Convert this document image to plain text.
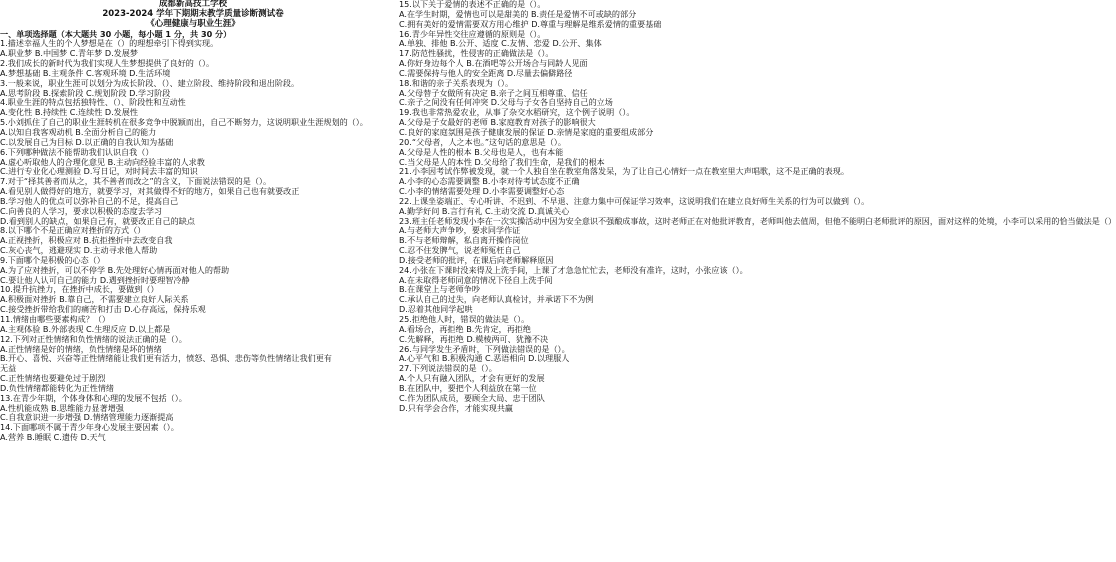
成都新高技工学校
2023-2024 学年下期期末教学质量诊断测试卷
《心理健康与职业生涯》
一、单项选择题（本大题共 30 小题，每小题 1 分，共 30 分）
1.描述幸福人生的个人梦想是在（）的理想牵引下得到实现。
A.职业梦 B.中国梦 C.青年梦 D.发展梦
2.我们成长的新时代为我们实现人生梦想提供了良好的（）。
A.梦想基础 B.主观条件 C.客观环境 D.生活环境
3.一般来说，职业生涯可以划分为成长阶段、（）、建立阶段、维持阶段和退出阶段。
A.思考阶段 B.探索阶段 C.规划阶段 D.学习阶段
4.职业生涯的特点包括独特性、（）、阶段性和互动性
A.变化性 B.持续性 C.连续性 D.发展性
5.小刘抓住了自己的职业生涯转机在很多竞争中脱颖而出，自己不断努力，这说明职业生涯规划的（）。
A.以知自我客观动机 B.全面分析自己的能力
C.以发展自己为目标 D.以正确的自我认知为基础
6.下列哪种做法不能帮助我们认识自我（）
A.虚心听取他人的合理化意见 B.主动向经验丰富的人求教
C.进行专业化心理测验 D.写日记，对时间去丰富的知识
7.对于“择其善者而从之，其不善者而改之”的含义，下面说法错误的是（）。
A.看见别人做得好的地方，就要学习，对其做得不好的地方，如果自己也有就要改正
B.学习他人的优点可以弥补自己的不足，提高自己
C.向善良的人学习，要求以积极的态度去学习
D.看到别人的缺点，如果自己有，就要改正自己的缺点
8.以下哪个不是正确应对挫折的方式（）
A.正视挫折，积极应对 B.抗拒挫折中去改变自我
C.灰心丧气，逃避现实 D.主动寻求他人帮助
9.下面哪个是积极的心态（）
A.为了应对挫折，可以不停学 B.先处理好心情再面对他人的帮助
C.要让他人认可自己的能力 D.遇到挫折时要理智冷静
10.提升抗挫力，在挫折中成长，要做到（）
A.积极面对挫折 B.靠自己，不需要建立良好人际关系
C.接受挫折带给我们的痛苦和打击 D.心存高远，保持乐观
11.情绪由哪些要素构成？（）
A.主观体验 B.外部表现 C.生理反应 D.以上都是
12.下列对正性情绪和负性情绪的说法正确的是（）。
A.正性情绪是好的情绪，负性情绪是坏的情绪
B.开心、喜悦、兴奋等正性情绪能让我们更有活力，愤怒、恐惧、悲伤等负性情绪让我们更有
无益
C.正性情绪也要避免过于剧烈
D.负性情绪都能转化为正性情绪
13.在青少年期，个体身体和心理的发展不包括（）。
A.性机能成熟 B.思维能力显著增强
C.自我意识进一步增强 D.情绪管理能力逐渐提高
14.下面哪项不属于青少年身心发展主要因素（）。
A.营养 B.睡眠 C.遗传 D.天气
15.以下关于爱情的表述不正确的是（）。
A.在学生时期，爱情也可以是甜美的 B.责任是爱情不可或缺的部分
C.拥有美好的爱情需要双方用心维护 D.尊重与理解是维系爱情的重要基础
16.青少年异性交往应遵循的原则是（）。
A.单独、排他 B.公开、适度 C.友情、恋爱 D.公开、集体
17.防范性骚扰，性侵害的正确做法是（）。
A.你好身边每个人 B.在酒吧等公开场合与同龄人见面
C.需要保持与他人的安全距离 D.尽量去偏僻路径
18.和谐的亲子关系表现为（）。
A.父母替子女做所有决定 B.亲子之间互相尊重、信任
C.亲子之间没有任何冲突 D.父母与子女各自坚持自己的立场
19.我也非常热爱农业，从事了杂交水稻研究，这个例子说明（）。
A.父母是子女最好的老师 B.家庭教育对孩子的影响很大
C.良好的家庭氛围是孩子健康发展的保证 D.亲情是家庭的重要组成部分
20.“父母者，人之本也。”这句话的意思是（）。
A.父母是人性的根本 B.父母也是人，也有本能
C.当父母是人的本性 D.父母给了我们生命，是我们的根本
21.小李因考试作弊被发现，就一个人独自坐在教室角落发呆，为了让自己心情好一点在教室里大声唱歌，这不是正确的表现。
A.小李的心态需要调整 B.小李对待考试态度不正确
C.小李的情绪需要处理 D.小李需要调整好心态
22.上课坐姿端正、专心听讲、不迟到、不早退、注意力集中可保证学习效率，这说明我们在建立良好师生关系的行为可以做到（）。
A.勤学好问 B.言行有礼 C.主动交流 D.真诚关心
23.班主任老师发现小李在一次实操活动中因为安全意识不强酿成事故，这时老师正在对他批评教育，老师叫他去值周，但他不能明白老师批评的原因，面对这样的处境，小李可以采用的恰当做法是（）
A.与老师大声争吵，要求同学作证
B.不与老师辩解，私自离开操作岗位
C.忍不住发脾气，说老师冤枉自己
D.接受老师的批评，在课后向老师解释原因
24.小张在下课时没来得及上洗手间，上课了才急急忙忙去，老师没有准许，这时，小张应该（）。
A.在未取得老师同意的情况下径自上洗手间
B.在课堂上与老师争吵
C.承认自己的过失，向老师认真检讨，并承诺下不为例
D.忍着其他同学起哄
25.拒绝他人时，错误的做法是（）。
A.看场合，再拒绝 B.先肯定，再拒绝
C.先解释，再拒绝 D.模棱两可、犹豫不决
26.与同学发生矛盾时，下列做法错误的是（）。
A.心平气和 B.积极沟通 C.恶语相向 D.以理服人
27.下列说法错误的是（）。
A.个人只有融入团队，才会有更好的发展
B.在团队中，要把个人利益放在第一位
C.作为团队成员，要顾全大局、忠于团队
D.只有学会合作，才能实现共赢
